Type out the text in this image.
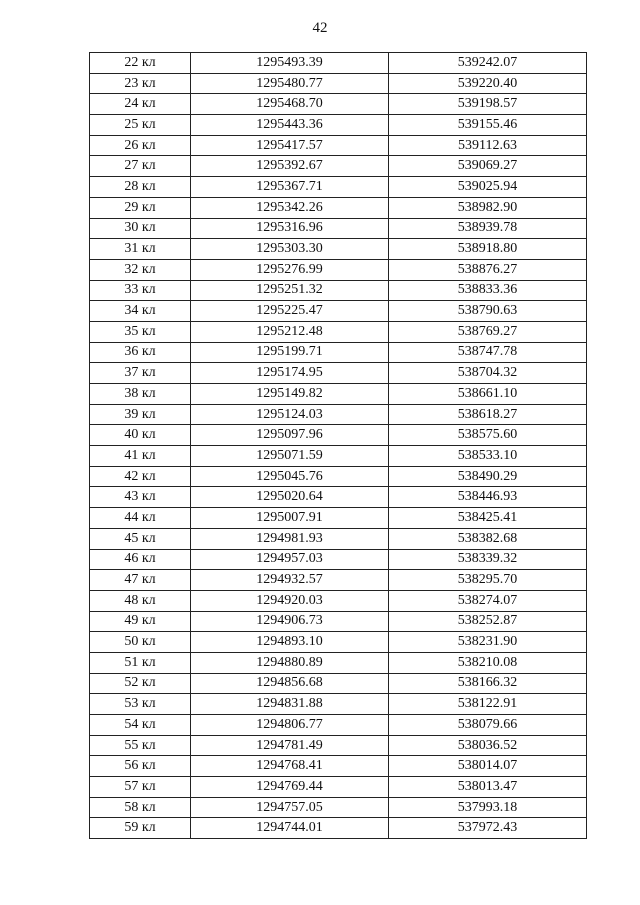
42
22 кл	1295493.39	539242.07
23 кл	1295480.77	539220.40
24 кл	1295468.70	539198.57
25 кл	1295443.36	539155.46
26 кл	1295417.57	539112.63
27 кл	1295392.67	539069.27
28 кл	1295367.71	539025.94
29 кл	1295342.26	538982.90
30 кл	1295316.96	538939.78
31 кл	1295303.30	538918.80
32 кл	1295276.99	538876.27
33 кл	1295251.32	538833.36
34 кл	1295225.47	538790.63
35 кл	1295212.48	538769.27
36 кл	1295199.71	538747.78
37 кл	1295174.95	538704.32
38 кл	1295149.82	538661.10
39 кл	1295124.03	538618.27
40 кл	1295097.96	538575.60
41 кл	1295071.59	538533.10
42 кл	1295045.76	538490.29
43 кл	1295020.64	538446.93
44 кл	1295007.91	538425.41
45 кл	1294981.93	538382.68
46 кл	1294957.03	538339.32
47 кл	1294932.57	538295.70
48 кл	1294920.03	538274.07
49 кл	1294906.73	538252.87
50 кл	1294893.10	538231.90
51 кл	1294880.89	538210.08
52 кл	1294856.68	538166.32
53 кл	1294831.88	538122.91
54 кл	1294806.77	538079.66
55 кл	1294781.49	538036.52
56 кл	1294768.41	538014.07
57 кл	1294769.44	538013.47
58 кл	1294757.05	537993.18
59 кл	1294744.01	537972.43
